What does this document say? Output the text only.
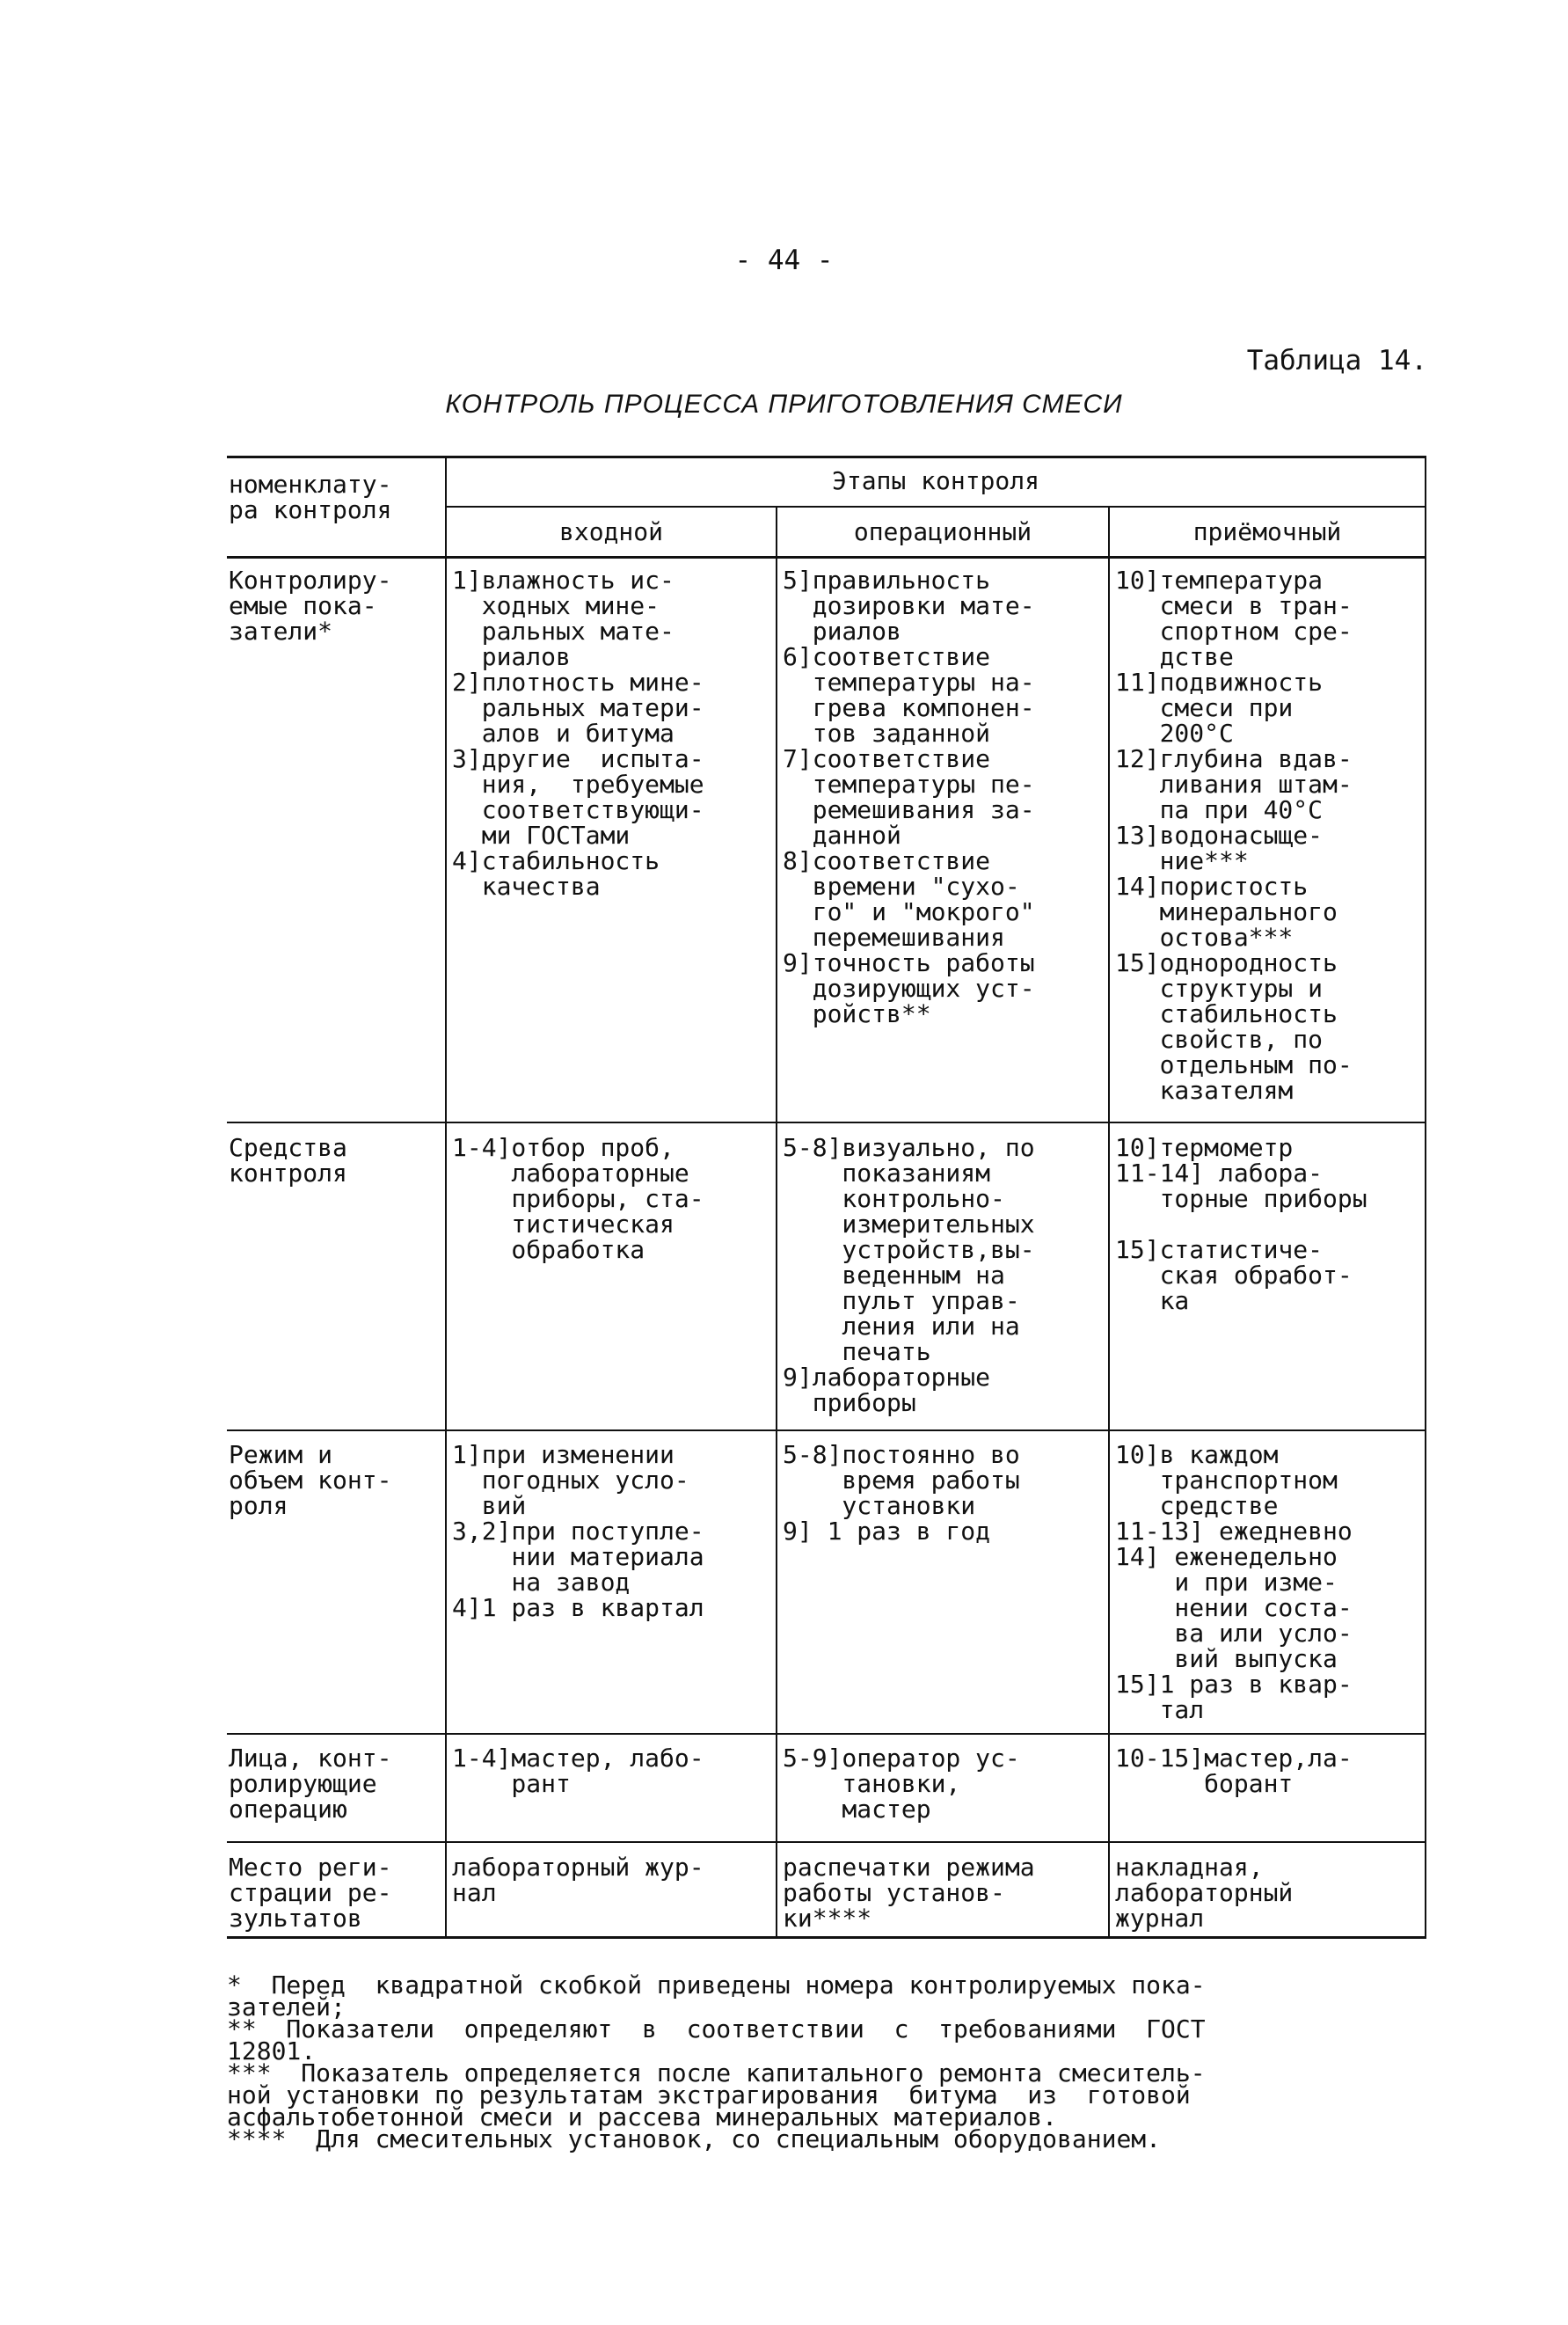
- 44 -
Таблица 14.
КОНТРОЛЬ ПРОЦЕССА ПРИГОТОВЛЕНИЯ СМЕСИ
номенклату-
ра контроля
Этапы контроля
входной	операционный	приёмочный
Контролиру-
емые пока-
затели*
1]влажность ис-
ходных мине-
ральных мате-
риалов
2]плотность мине-
ральных матери-
алов и битума
3]другие  испыта-
ния,  требуемые
соответствующи-
ми ГОСТами
4]стабильность
качества
5]правильность
дозировки мате-
риалов
6]соответствие
температуры на-
грева компонен-
тов заданной
7]соответствие
температуры пе-
ремешивания за-
данной
8]соответствие
времени "сухо-
го" и "мокрого"
перемешивания
9]точность работы
дозирующих уст-
ройств**
10]температура
смеси в тран-
спортном сре-
дстве
11]подвижность
смеси при
200°С
12]глубина вдав-
ливания штам-
па при 40°С
13]водонасыще-
ние***
14]пористость
минерального
остова***
15]однородность
структуры и
стабильность
свойств, по
отдельным по-
казателям
Средства
контроля
1-4]отбор проб,
лабораторные
приборы, ста-
тистическая
обработка
5-8]визуально, по
показаниям
контрольно-
измерительных
устройств,вы-
веденным на
пульт управ-
ления или на
печать
9]лабораторные
приборы
10]термометр
11-14] лабора-
торные приборы

15]статистиче-
ская обработ-
ка
Режим и
объем конт-
роля
1]при изменении
погодных усло-
вий
3,2]при поступле-
нии материала
на завод
4]1 раз в квартал
5-8]постоянно во
время работы
установки
9] 1 раз в год
10]в каждом
транспортном
средстве
11-13] ежедневно
14] еженедельно
и при изме-
нении соста-
ва или усло-
вий выпуска
15]1 раз в квар-
тал
Лица, конт-
ролирующие
операцию
1-4]мастер, лабо-
рант
5-9]оператор ус-
тановки,
мастер
10-15]мастер,ла-
борант
Место реги-
страции ре-
зультатов
лабораторный жур-
нал
распечатки режима
работы установ-
ки****
накладная,
лабораторный
журнал
*  Перед  квадратной скобкой приведены номера контролируемых пока-
зателей;
**  Показатели  определяют  в  соответствии  с  требованиями  ГОСТ
12801.
***  Показатель определяется после капитального ремонта смеситель-
ной установки по результатам экстрагирования  битума  из  готовой
асфальтобетонной смеси и рассева минеральных материалов.
****  Для смесительных установок, со специальным оборудованием.
